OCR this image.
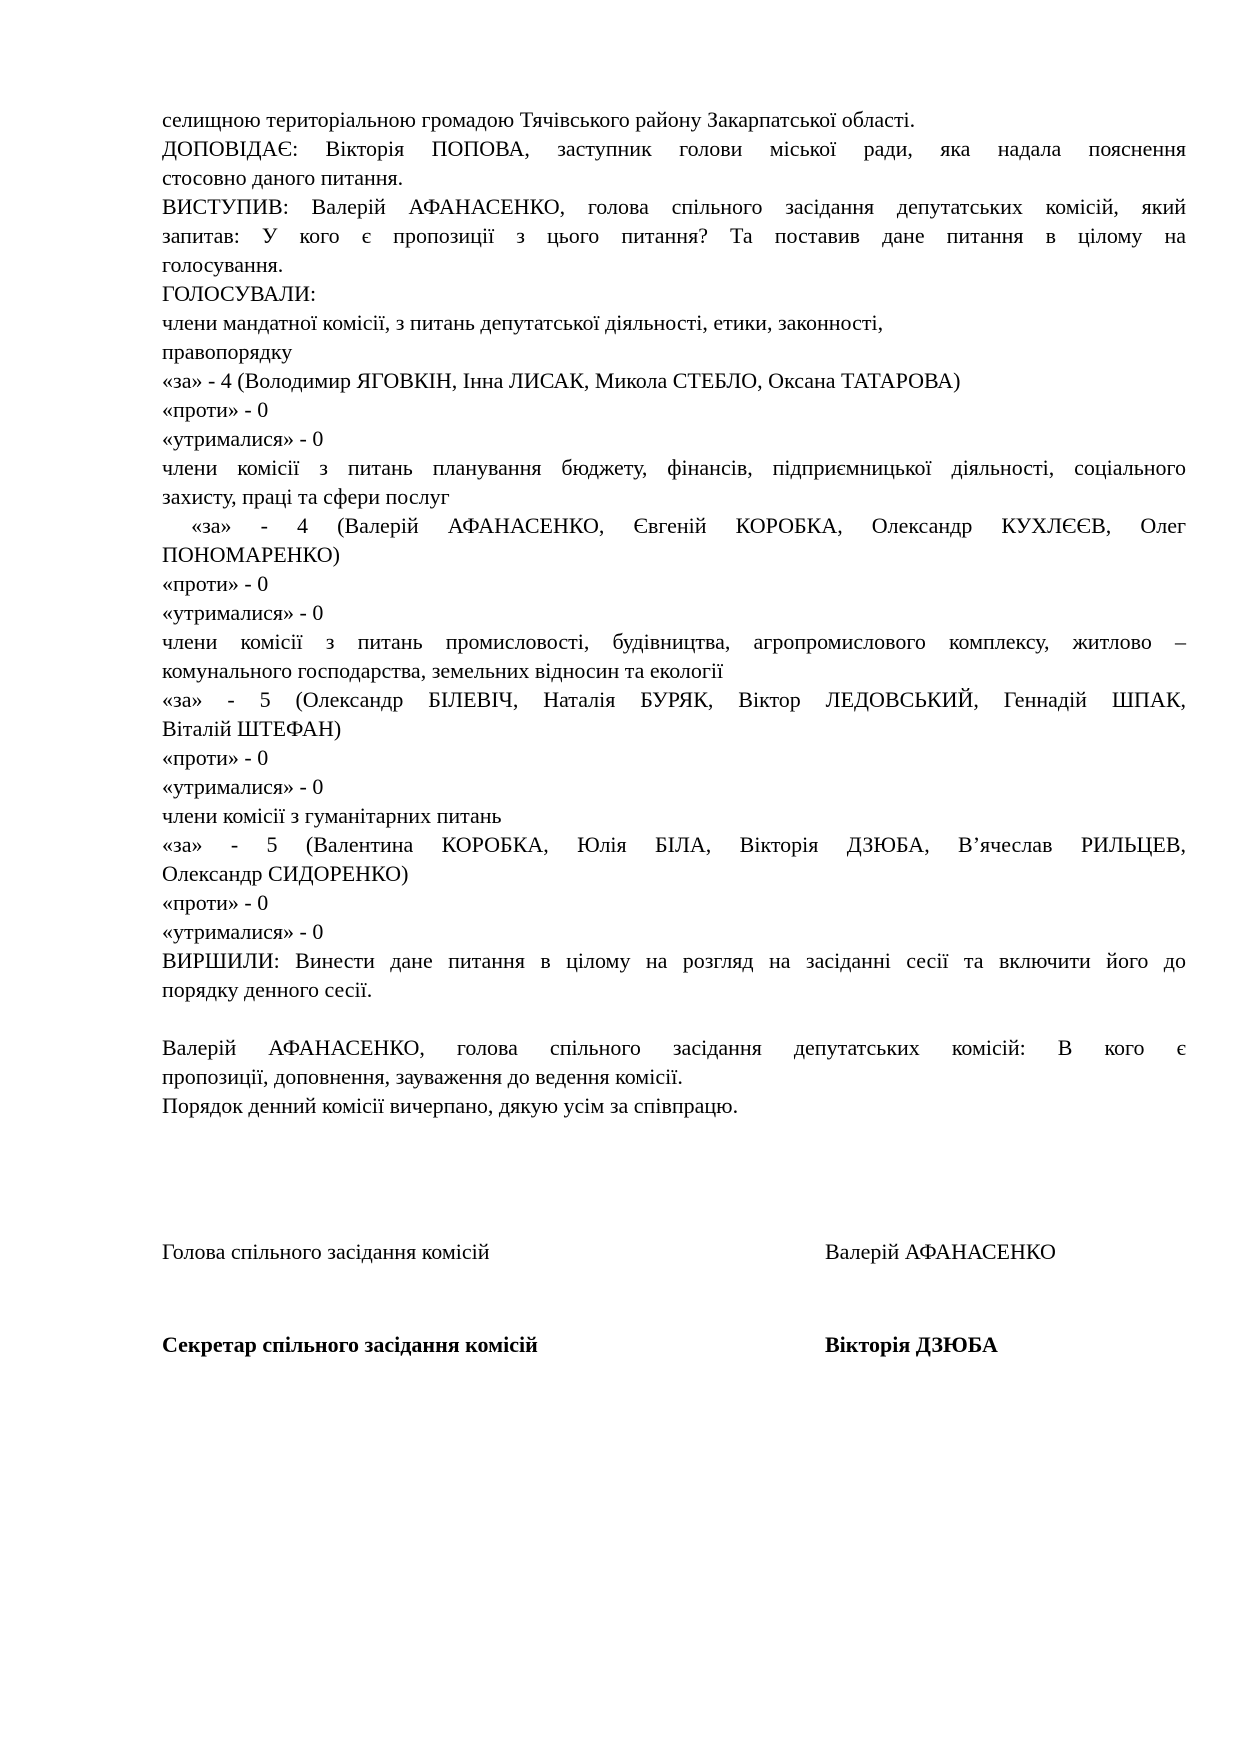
селищною територіальною громадою Тячівського району Закарпатської області.
ДОПОВІДАЄ: Вікторія ПОПОВА, заступник голови міської ради, яка надала пояснення
стосовно даного питання.
ВИСТУПИВ: Валерій АФАНАСЕНКО, голова спільного засідання депутатських комісій, який
запитав: У кого є пропозиції з цього питання? Та поставив дане питання в цілому на
голосування.
ГОЛОСУВАЛИ:
члени мандатної комісії, з питань депутатської діяльності, етики, законності,
правопорядку
«за» - 4 (Володимир ЯГОВКІН, Інна ЛИСАК, Микола СТЕБЛО, Оксана ТАТАРОВА)
«проти» - 0
«утрималися» - 0
члени комісії з питань планування бюджету, фінансів, підприємницької діяльності, соціального
захисту, праці та сфери послуг
«за» - 4 (Валерій АФАНАСЕНКО, Євгеній КОРОБКА, Олександр КУХЛЄЄВ, Олег
ПОНОМАРЕНКО)
«проти» - 0
«утрималися» - 0
члени комісії з питань промисловості, будівництва, агропромислового комплексу, житлово –
комунального господарства, земельних відносин та екології
«за» - 5 (Олександр БІЛЕВІЧ, Наталія БУРЯК, Віктор ЛЕДОВСЬКИЙ, Геннадій ШПАК,
Віталій ШТЕФАН)
«проти» - 0
«утрималися» - 0
члени комісії з гуманітарних питань
«за» - 5 (Валентина КОРОБКА, Юлія БІЛА, Вікторія ДЗЮБА, В’ячеслав РИЛЬЦЕВ,
Олександр СИДОРЕНКО)
«проти» - 0
«утрималися» - 0
ВИРШИЛИ: Винести дане питання в цілому на розгляд на засіданні сесії та включити його до
порядку денного сесії.
Валерій АФАНАСЕНКО, голова спільного засідання депутатських комісій: В кого є
пропозиції, доповнення, зауваження до ведення комісії.
Порядок денний комісії вичерпано, дякую усім за співпрацю.
Голова спільного засідання комісій	Валерій АФАНАСЕНКО
Секретар спільного засідання комісій	Вікторія ДЗЮБА
